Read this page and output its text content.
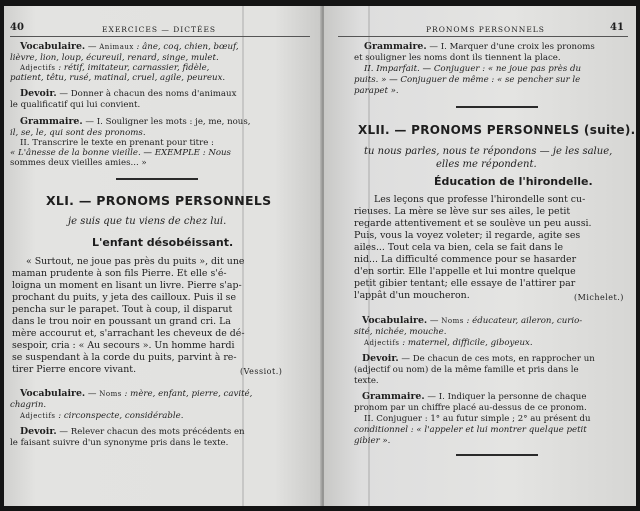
40	EXERCICES — DICTÉES
Vocabulaire. — Animaux : âne, coq, chien, bœuf,
lièvre, lion, loup, écureuil, renard, singe, mulet.
Adjectifs : rétif, imitateur, carnassier, fidèle,
patient, têtu, rusé, matinal, cruel, agile, peureux.
Devoir. — Donner à chacun des noms d'animaux
le qualificatif qui lui convient.
Grammaire. — I. Souligner les mots : je, me, nous,
il, se, le, qui sont des pronoms.
II. Transcrire le texte en prenant pour titre :
« L'ânesse de la bonne vieille. — EXEMPLE : Nous
sommes deux vieilles amies... »
XLI. — PRONOMS PERSONNELS
je suis que tu viens de chez lui.
L'enfant désobéissant.
« Surtout, ne joue pas près du puits », dit une
maman prudente à son fils Pierre. Et elle s'é-
loigna un moment en lisant un livre. Pierre s'ap-
prochant du puits, y jeta des cailloux. Puis il se
pencha sur le parapet. Tout à coup, il disparut
dans le trou noir en poussant un grand cri. La
mère accourut et, s'arrachant les cheveux de dé-
sespoir, cria : « Au secours ». Un homme hardi
se suspendant à la corde du puits, parvint à re-
tirer Pierre encore vivant.	(Vessiot.)
Vocabulaire. — Noms : mère, enfant, pierre, cavité,
chagrin.
Adjectifs : circonspecte, considérable.
Devoir. — Relever chacun des mots précédents en
le faisant suivre d'un synonyme pris dans le texte.
PRONOMS PERSONNELS	41
Grammaire. — I. Marquer d'une croix les pronoms
et souligner les noms dont ils tiennent la place.
II. Imparfait. — Conjuguer : « ne joue pas près du
puits. » — Conjuguer de même : « se pencher sur le
parapet ».
XLII. — PRONOMS PERSONNELS (suite).
tu nous parles, nous te répondons — je les salue,
elles me répondent.
Éducation de l'hirondelle.
Les leçons que professe l'hirondelle sont cu-
rieuses. La mère se lève sur ses ailes, le petit
regarde attentivement et se soulève un peu aussi.
Puis, vous la voyez voleter; il regarde, agite ses
ailes... Tout cela va bien, cela se fait dans le
nid... La difficulté commence pour se hasarder
d'en sortir. Elle l'appelle et lui montre quelque
petit gibier tentant; elle essaye de l'attirer par
l'appât d'un moucheron.	(Michelet.)
Vocabulaire. — Noms : éducateur, aileron, curio-
sité, nichée, mouche.
Adjectifs : maternel, difficile, giboyeux.
Devoir. — De chacun de ces mots, en rapprocher un
(adjectif ou nom) de la même famille et pris dans le
texte.
Grammaire. — I. Indiquer la personne de chaque
pronom par un chiffre placé au-dessus de ce pronom.
II. Conjuguer : 1° au futur simple ; 2° au présent du
conditionnel : « l'appeler et lui montrer quelque petit
gibier ».
